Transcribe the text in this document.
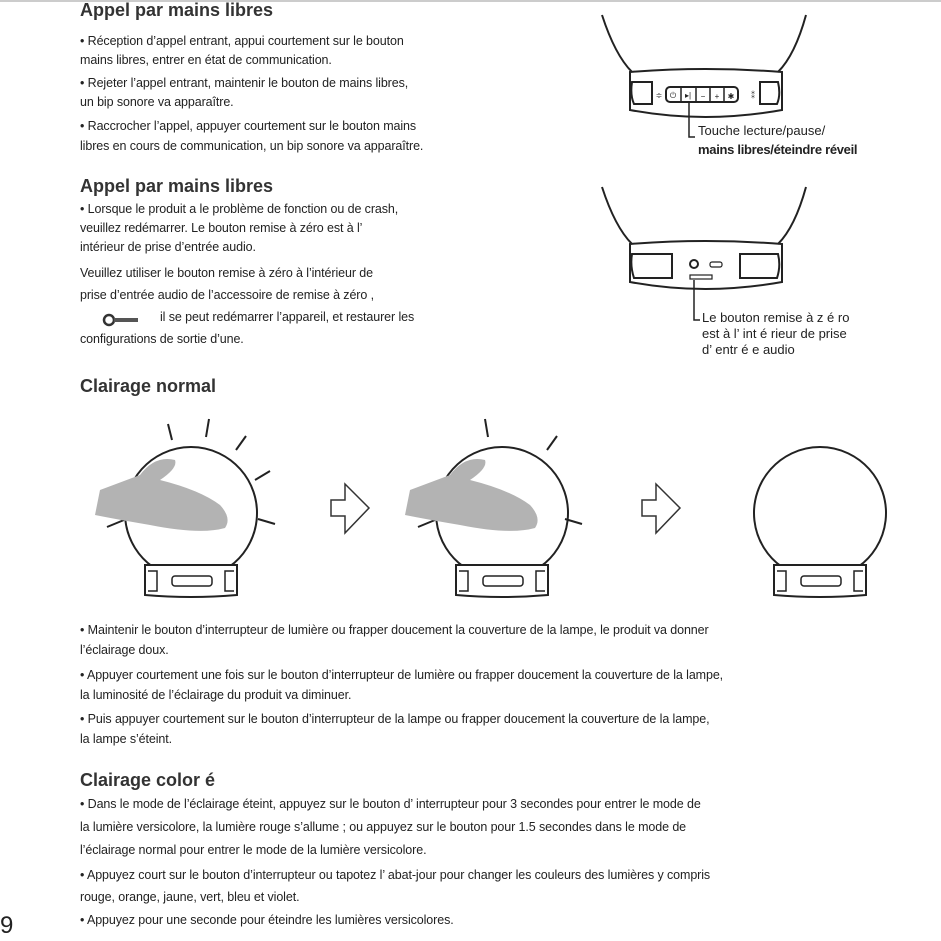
Appel par mains libres
• Réception d’appel entrant, appui courtement sur le bouton
mains libres, entrer en état de communication.
• Rejeter l’appel entrant, maintenir le bouton de mains libres,
un bip sonore va apparaître.
• Raccrocher l’appel, appuyer courtement sur le bouton mains
libres en cours de communication, un bip sonore va apparaître.
Appel par mains libres
• Lorsque le produit a le problème de fonction ou de crash,
veuillez redémarrer. Le bouton remise à zéro est à l’
intérieur de prise d’entrée audio.
Veuillez utiliser le bouton remise à zéro à l’intérieur de
prise d’entrée audio de l’accessoire de remise à zéro ,
il se peut redémarrer l’appareil, et restaurer les
configurations de sortie d’une.
≑ ⏻ ▸| − + ✱ ⁑
Touche lecture/pause/
mains libres/éteindre réveil
Le bouton remise à z é ro
est à l’ int é rieur de prise
d’ entr é e audio
Clairage normal
• Maintenir le bouton d’interrupteur de lumière ou frapper doucement la couverture de la lampe, le produit va donner
l’éclairage doux.
• Appuyer courtement une fois sur le bouton d’interrupteur de lumière ou frapper doucement la couverture de la lampe,
la luminosité de l’éclairage du produit va diminuer.
• Puis appuyer courtement sur le bouton d’interrupteur de la lampe ou frapper doucement la couverture de la lampe,
la lampe s’éteint.
Clairage color é
• Dans le mode de l’éclairage éteint, appuyez sur le bouton d’ interrupteur pour 3 secondes pour entrer le mode de
la lumière versicolore, la lumière rouge s’allume ; ou appuyez sur le bouton pour 1.5 secondes dans le mode de
l’éclairage normal pour entrer le mode de la lumière versicolore.
• Appuyez court sur le bouton d’interrupteur ou tapotez l’ abat-jour pour changer les couleurs des lumières y compris
rouge, orange, jaune, vert, bleu et violet.
• Appuyez pour une seconde pour éteindre les lumières versicolores.
9
